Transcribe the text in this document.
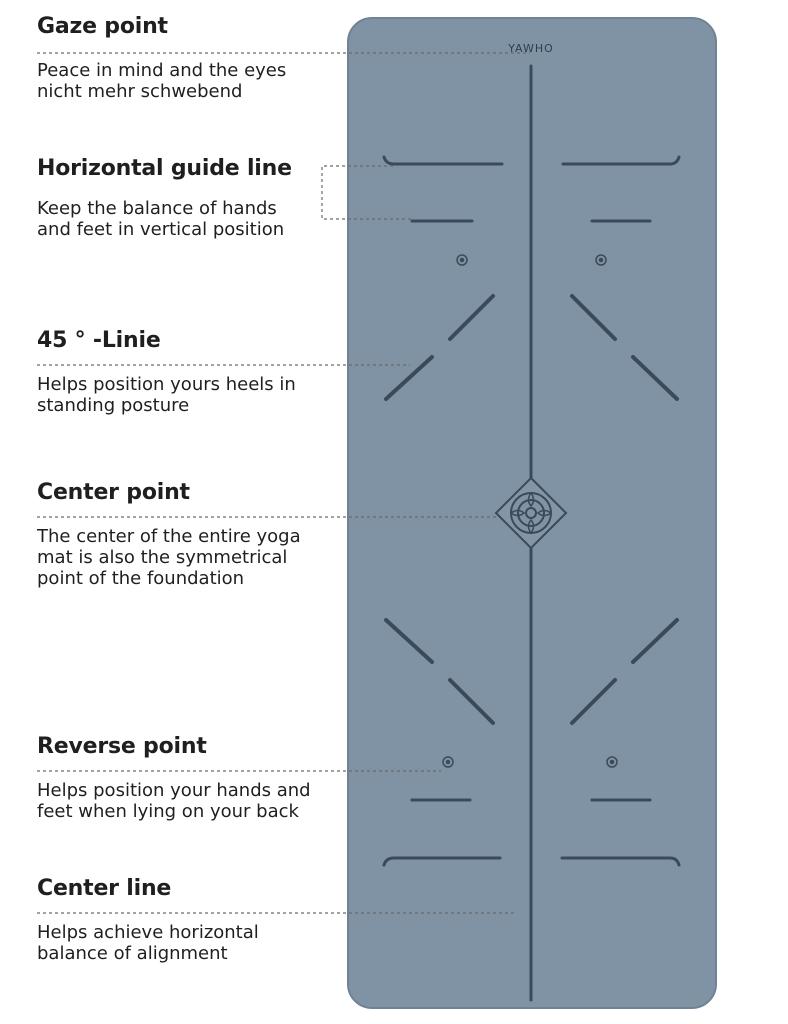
YAWHO
Gaze point
Peace in mind and the eyes
nicht mehr schwebend
Horizontal guide line
Keep the balance of hands
and feet in vertical position
45 ° -Linie
Helps position yours heels in
standing posture
Center point
The center of the entire yoga
mat is also the symmetrical
point of the foundation
Reverse point
Helps position your hands and
feet when lying on your back
Center line
Helps achieve horizontal
balance of alignment
